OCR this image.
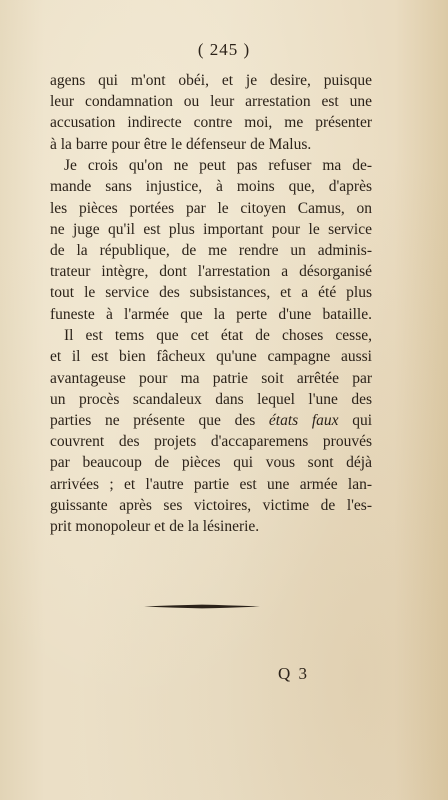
( 245 )
agens qui m'ont obéi, et je desire, puisque
leur condamnation ou leur arrestation est une
accusation indirecte contre moi, me présenter
à la barre pour être le défenseur de Malus.
Je crois qu'on ne peut pas refuser ma de-
mande sans injustice, à moins que, d'après
les pièces portées par le citoyen Camus, on
ne juge qu'il est plus important pour le service
de la république, de me rendre un adminis-
trateur intègre, dont l'arrestation a désorganisé
tout le service des subsistances, et a été plus
funeste à l'armée que la perte d'une bataille.
Il est tems que cet état de choses cesse,
et il est bien fâcheux qu'une campagne aussi
avantageuse pour ma patrie soit arrêtée par
un procès scandaleux dans lequel l'une des
parties ne présente que des états faux qui
couvrent des projets d'accaparemens prouvés
par beaucoup de pièces qui vous sont déjà
arrivées ; et l'autre partie est une armée lan-
guissante après ses victoires, victime de l'es-
prit monopoleur et de la lésinerie.
Q 3
